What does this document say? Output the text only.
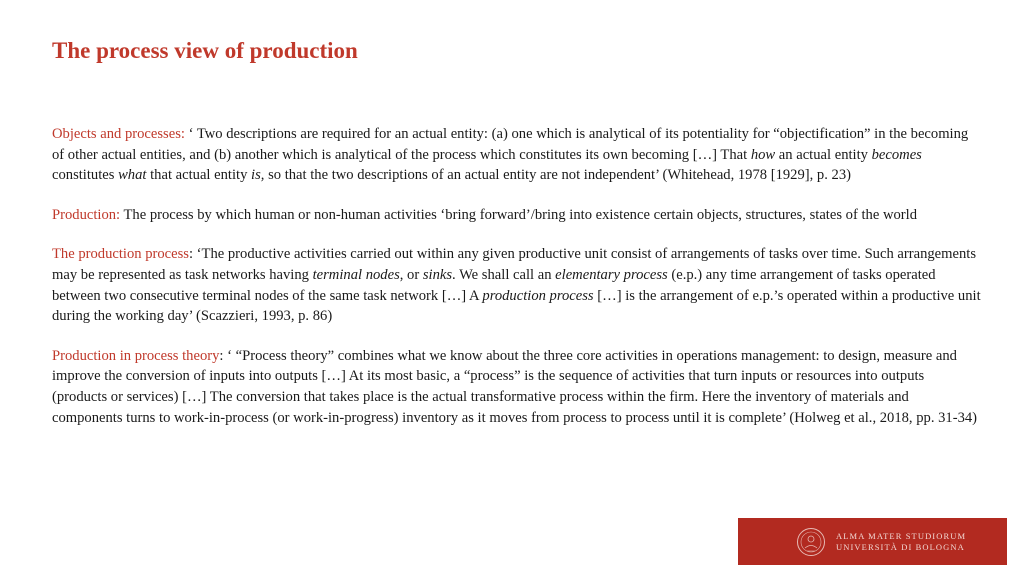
The process view of production

Objects and processes: ‘ Two descriptions are required for an actual entity: (a) one which is analytical of its potentiality for “objectification” in the becoming of other actual entities, and (b) another which is analytical of the process which constitutes its own becoming […] That how an actual entity becomes constitutes what that actual entity is, so that the two descriptions of an actual entity are not independent’ (Whitehead, 1978 [1929], p. 23)

Production: The process by which human or non-human activities ‘bring forward’/bring into existence certain objects, structures, states of the world

The production process: ‘The productive activities carried out within any given productive unit consist of arrangements of tasks over time. Such arrangements may be represented as task networks having terminal nodes, or sinks. We shall call an elementary process (e.p.) any time arrangement of tasks operated between two consecutive terminal nodes of the same task network […] A production process […] is the arrangement of e.p.’s operated within a productive unit during the working day’ (Scazzieri, 1993, p. 86)

Production in process theory: ‘ “Process theory” combines what we know about the three core activities in operations management: to design, measure and improve the conversion of inputs into outputs […] At its most basic, a “process” is the sequence of activities that turn inputs or resources into outputs (products or services) […] The conversion that takes place is the actual transformative process within the firm. Here the inventory of materials and components turns to work-in-process (or work-in-progress) inventory as it moves from process to process until it is complete’ (Holweg et al., 2018, pp. 31-34)

ALMA MATER STUDIORUM
UNIVERSITÀ DI BOLOGNA
